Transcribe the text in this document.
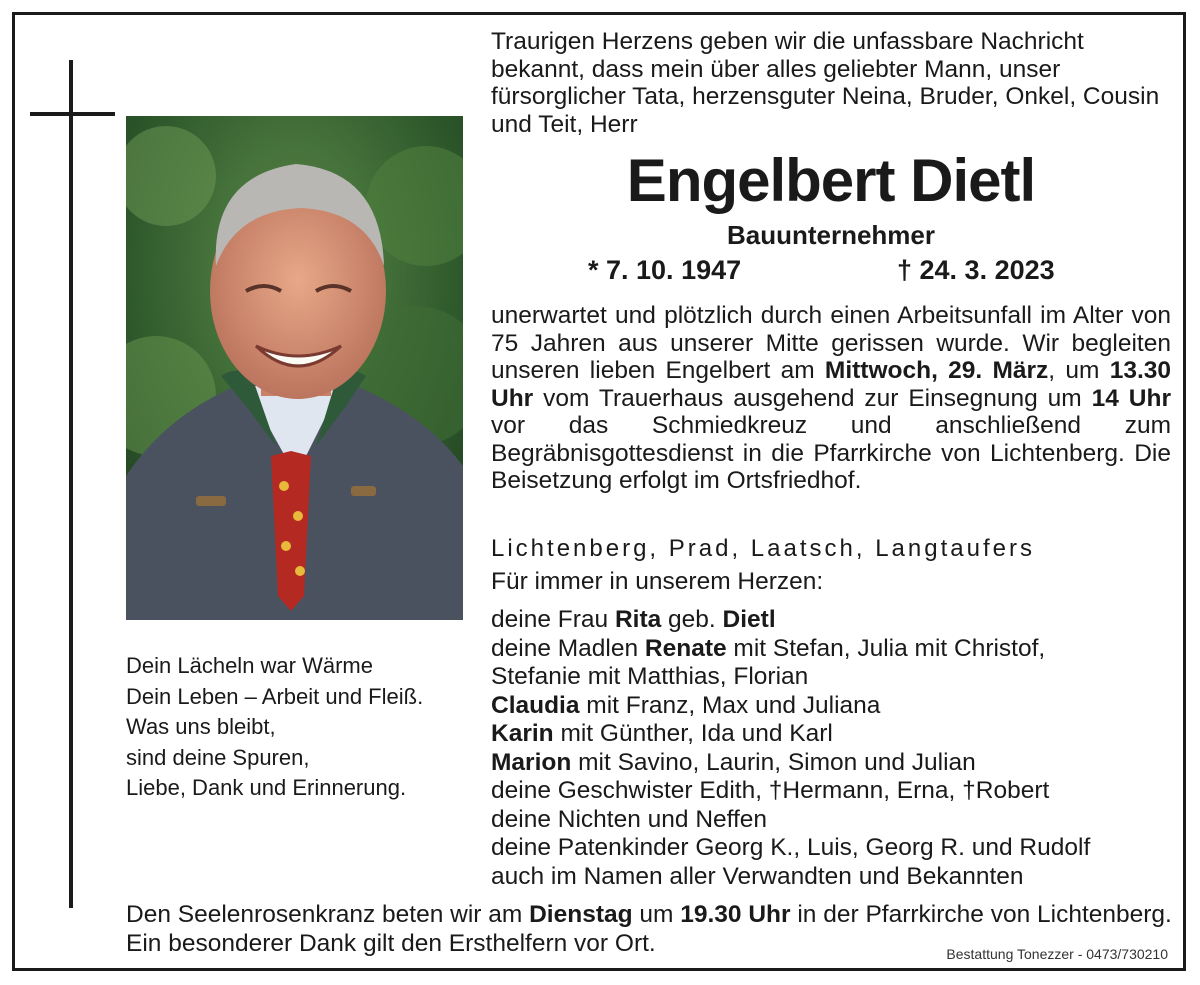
Traurigen Herzens geben wir die unfassbare Nachricht bekannt, dass mein über alles geliebter Mann, unser fürsorglicher Tata, herzensguter Neina, Bruder, Onkel, Cousin und Teit, Herr
Engelbert Dietl
Bauunternehmer
* 7. 10. 1947	† 24. 3. 2023
unerwartet und plötzlich durch einen Arbeitsunfall im Alter von 75 Jahren aus unserer Mitte gerissen wurde. Wir begleiten unseren lieben Engelbert am Mittwoch, 29. März, um 13.30 Uhr vom Trauerhaus ausgehend zur Einsegnung um 14 Uhr vor das Schmiedkreuz und anschließend zum Begräbnisgottesdienst in die Pfarrkirche von Lichtenberg. Die Beisetzung erfolgt im Ortsfriedhof.
Lichtenberg, Prad, Laatsch, Langtaufers
Für immer in unserem Herzen:
deine Frau Rita geb. Dietl
deine Madlen Renate mit Stefan, Julia mit Christof,
Stefanie mit Matthias, Florian
Claudia mit Franz, Max und Juliana
Karin mit Günther, Ida und Karl
Marion mit Savino, Laurin, Simon und Julian
deine Geschwister Edith, †Hermann, Erna, †Robert
deine Nichten und Neffen
deine Patenkinder Georg K., Luis, Georg R. und Rudolf
auch im Namen aller Verwandten und Bekannten
Dein Lächeln war Wärme
Dein Leben – Arbeit und Fleiß.
Was uns bleibt,
sind deine Spuren,
Liebe, Dank und Erinnerung.
Den Seelenrosenkranz beten wir am Dienstag um 19.30 Uhr in der Pfarrkirche von Lichtenberg. Ein besonderer Dank gilt den Ersthelfern vor Ort.	Bestattung Tonezzer - 0473/730210
